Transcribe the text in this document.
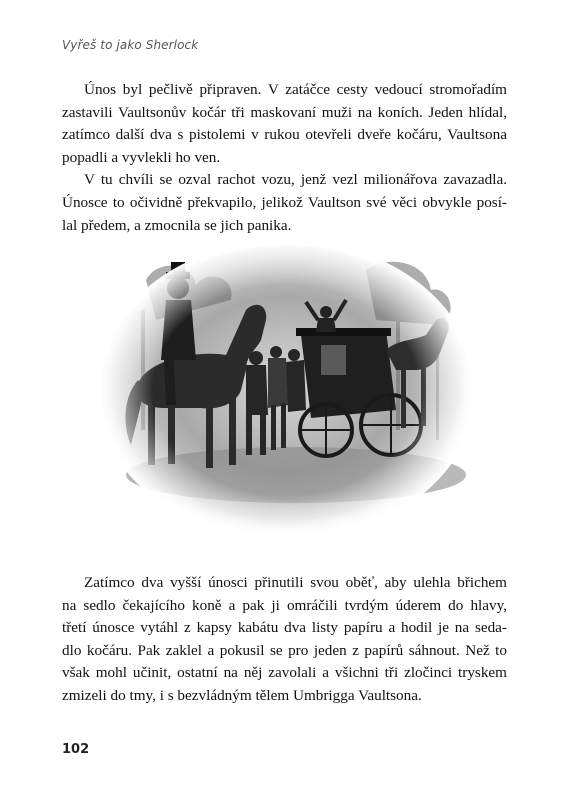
Vyřeš to jako Sherlock

Únos byl pečlivě připraven. V zatáčce cesty vedoucí stromořadím
zastavili Vaultsonův kočár tři maskovaní muži na koních. Jeden hlídal,
zatímco další dva s pistolemi v rukou otevřeli dveře kočáru, Vaultsona
popadli a vyvlekli ho ven.

V tu chvíli se ozval rachot vozu, jenž vezl milionářova zavazadla.
Únosce to očividně překvapilo, jelikož Vaultson své věci obvykle posí-
lal předem, a zmocnila se jich panika.

Zatímco dva vyšší únosci přinutili svou oběť, aby ulehla břichem
na sedlo čekajícího koně a pak ji omráčili tvrdým úderem do hlavy,
třetí únosce vytáhl z kapsy kabátu dva listy papíru a hodil je na seda-
dlo kočáru. Pak zaklel a pokusil se pro jeden z papírů sáhnout. Než to
však mohl učinit, ostatní na něj zavolali a všichni tři zločinci tryskem
zmizeli do tmy, i s bezvládným tělem Umbrigga Vaultsona.

102
